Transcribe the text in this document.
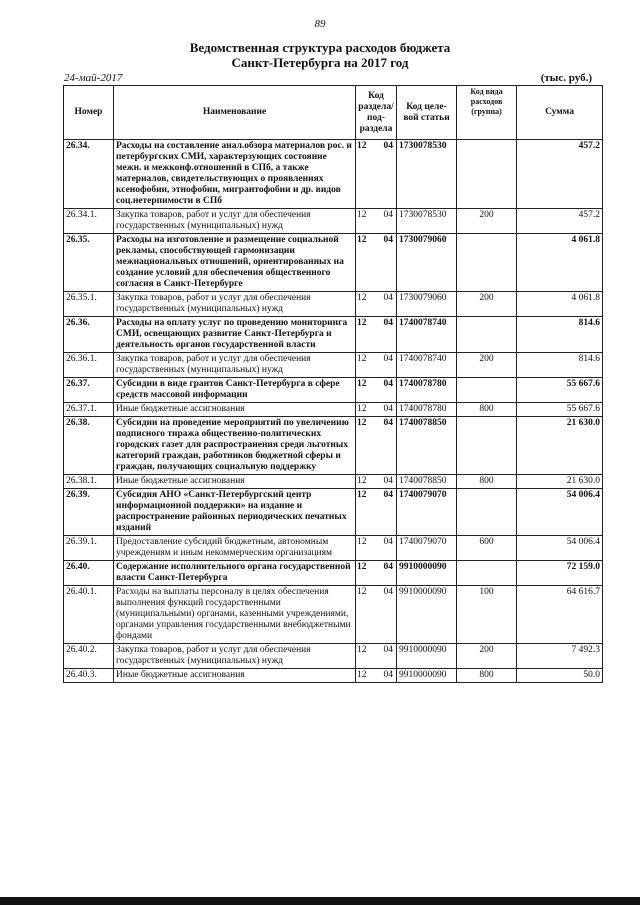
89
Ведомственная структура расходов бюджета
Санкт-Петербурга на 2017 год
24-май-2017	(тыс. руб.)
Номер	Наименование	Код раздела/ под- раздела		Код целе- вой статьи	Код вида расходов (группа)	Сумма
26.34.	Расходы на составление анал.обзора материалов рос. и петербургских СМИ, характерзующих состояние межн. и межконф.отношений в СПб, а также материалов, свидетельствующих о проявлениях ксенофобии, этнофобии, мигрантофобии и др. видов соц.нетерпимости в СПб	12	04	1730078530		457.2
26.34.1.	Закупка товаров, работ и услуг для обеспечения государственных (муниципальных) нужд	12	04	1730078530	200	457.2
26.35.	Расходы на изготовление и размещение социальной рекламы, способствующей гармонизации межнациональных отношений, ориентированных на создание условий для обеспечения общественного согласия в Санкт-Петербурге	12	04	1730079060		4 061.8
26.35.1.	Закупка товаров, работ и услуг для обеспечения государственных (муниципальных) нужд	12	04	1730079060	200	4 061.8
26.36.	Расходы на оплату услуг по проведению мониторинга СМИ, освещающих развитие Санкт-Петербурга и деятельность органов государственной власти	12	04	1740078740		814.6
26.36.1.	Закупка товаров, работ и услуг для обеспечения государственных (муниципальных) нужд	12	04	1740078740	200	814.6
26.37.	Субсидии в виде грантов Санкт-Петербурга в сфере средств массовой информации	12	04	1740078780		55 667.6
26.37.1.	Иные бюджетные ассигнования	12	04	1740078780	800	55 667.6
26.38.	Субсидии на проведение мероприятий по увеличению подписного тиража общественно-политических городских газет для распространения среди льготных категорий граждан, работников бюджетной сферы и граждан, получающих социальную поддержку	12	04	1740078850		21 630.0
26.38.1.	Иные бюджетные ассигнования	12	04	1740078850	800	21 630.0
26.39.	Субсидия АНО «Санкт-Петербургский центр информационной поддержки» на издание и распространение районных периодических печатных изданий	12	04	1740079070		54 006.4
26.39.1.	Предоставление субсидий бюджетным, автономным учреждениям и иным некоммерческим организациям	12	04	1740079070	600	54 006.4
26.40.	Содержание исполнительного органа государственной власти Санкт-Петербурга	12	04	9910000090		72 159.0
26.40.1.	Расходы на выплаты персоналу в целях обеспечения выполнения функций государственными (муниципальными) органами, казенными учреждениями, органами управления государственными внебюджетными фондами	12	04	9910000090	100	64 616.7
26.40.2.	Закупка товаров, работ и услуг для обеспечения государственных (муниципальных) нужд	12	04	9910000090	200	7 492.3
26.40.3.	Иные бюджетные ассигнования	12	04	9910000090	800	50.0
